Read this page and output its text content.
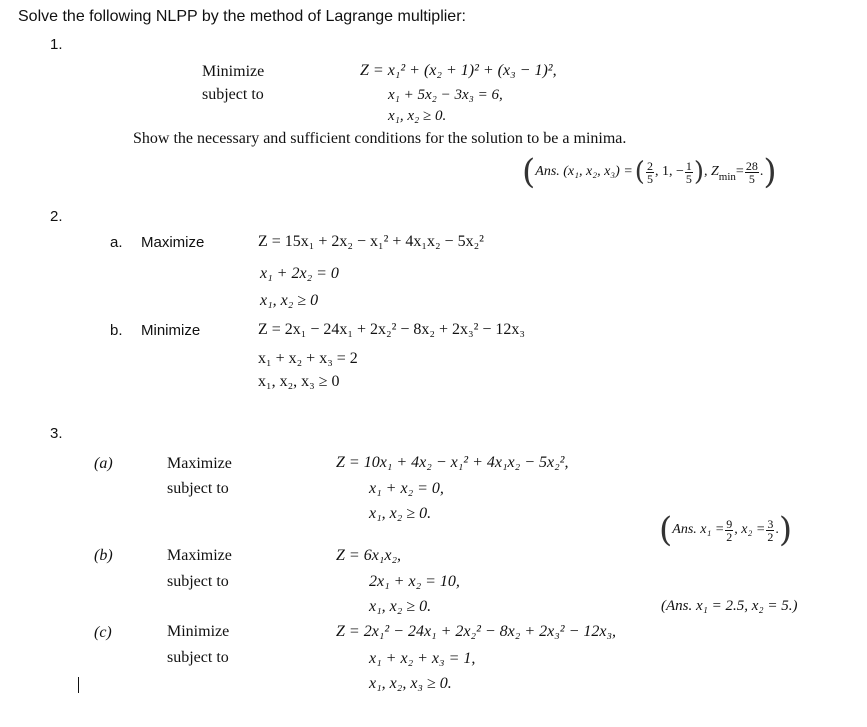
Solve the following NLPP by the method of Lagrange multiplier:
1.
Minimize
subject to
Z = x₁² + (x₂ + 1)² + (x₃ − 1)²,
x₁ + 5x₂ − 3x₃ = 6,
x₁, x₂ ≥ 0.
Show the necessary and sufficient conditions for the solution to be a minima.
( Ans. (x₁, x₂, x₃) = ( $\frac{2}{5}$ , 1, − $\frac{1}{5}$ ) , Z $\min = \frac{28}{5}$ . )
2.
a. Maximize	Z = 15x₁ + 2x₂ − x₁² + 4x₁x₂ − 5x₂²
x₁ + 2x₂ = 0
x₁, x₂ ≥ 0
b. Minimize	Z = 2x₁ − 24x₁ + 2x₂² − 8x₂ + 2x₃² − 12x₃
x₁ + x₂ + x₃ = 2
x₁, x₂, x₃ ≥ 0
3.
(a)	Maximize
subject to
Z = 10x₁ + 4x₂ − x₁² + 4x₁x₂ − 5x₂²,
x₁ + x₂ = 0,
x₁, x₂ ≥ 0.	( Ans. $x_1 = \frac{9}{2}$ , $x_2 = \frac{3}{2}$ . )
(b)	Maximize
subject to
Z = 6x₁x₂,
2x₁ + x₂ = 10,
x₁, x₂ ≥ 0.	(Ans. x₁ = 2.5, x₂ = 5.)
(c)	Minimize
subject to
Z = 2x₁² − 24x₁ + 2x₂² − 8x₂ + 2x₃² − 12x₃,
x₁ + x₂ + x₃ = 1,
x₁, x₂, x₃ ≥ 0.
